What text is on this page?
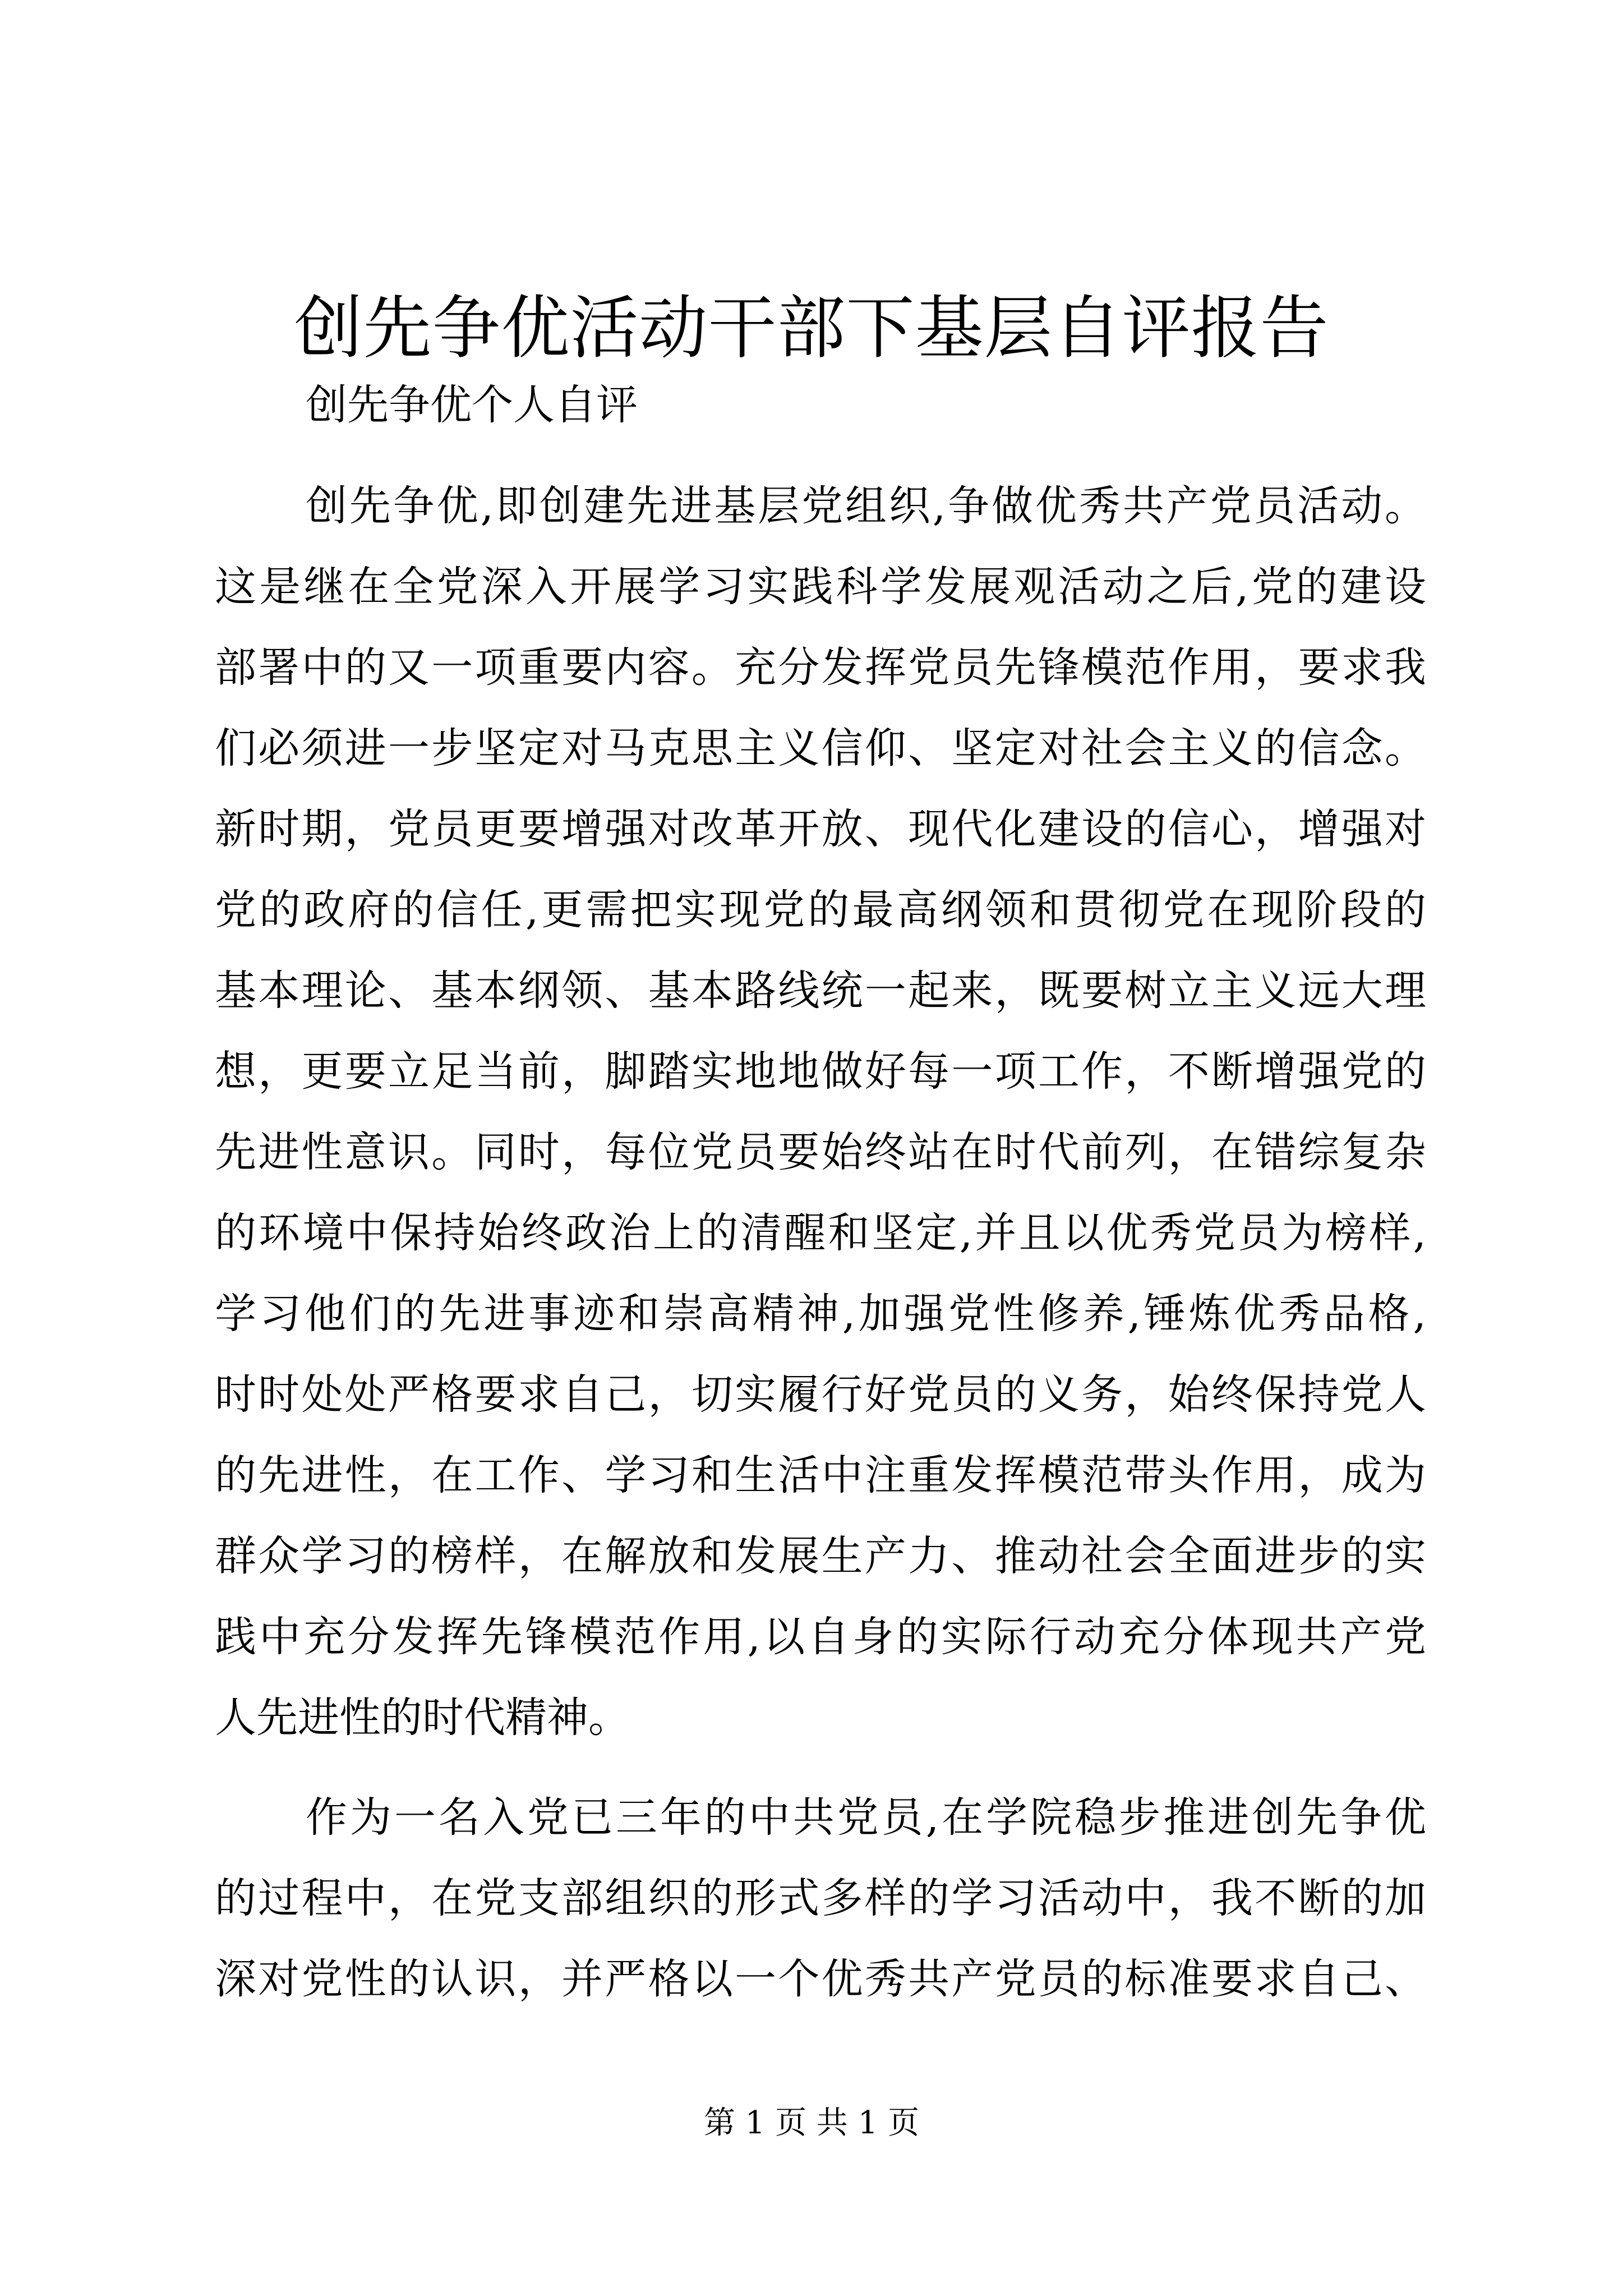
创先争优活动干部下基层自评报告

创先争优个人自评

创先争优,即创建先进基层党组织,争做优秀共产党员活动。

这是继在全党深入开展学习实践科学发展观活动之后,党的建设

部署中的又一项重要内容。充分发挥党员先锋模范作用，要求我

们必须进一步坚定对马克思主义信仰、坚定对社会主义的信念。

新时期，党员更要增强对改革开放、现代化建设的信心，增强对

党的政府的信任,更需把实现党的最高纲领和贯彻党在现阶段的

基本理论、基本纲领、基本路线统一起来，既要树立主义远大理

想，更要立足当前，脚踏实地地做好每一项工作，不断增强党的

先进性意识。同时，每位党员要始终站在时代前列，在错综复杂

的环境中保持始终政治上的清醒和坚定,并且以优秀党员为榜样,

学习他们的先进事迹和崇高精神,加强党性修养,锤炼优秀品格,

时时处处严格要求自己，切实履行好党员的义务，始终保持党人

的先进性，在工作、学习和生活中注重发挥模范带头作用，成为

群众学习的榜样，在解放和发展生产力、推动社会全面进步的实

践中充分发挥先锋模范作用,以自身的实际行动充分体现共产党

人先进性的时代精神。

作为一名入党已三年的中共党员,在学院稳步推进创先争优

的过程中，在党支部组织的形式多样的学习活动中，我不断的加

深对党性的认识，并严格以一个优秀共产党员的标准要求自己、

第 1 页 共 1 页
